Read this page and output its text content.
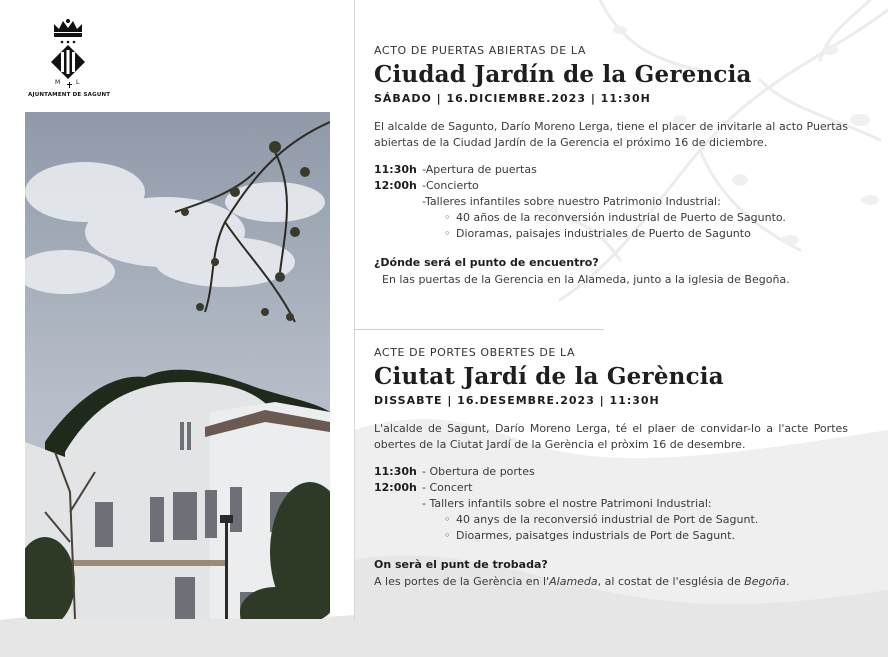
M	L
AJUNTAMENT DE SAGUNT

ACTO DE PUERTAS ABIERTAS DE LA

Ciudad Jardín de la Gerencia
SÁBADO | 16.DICIEMBRE.2023 | 11:30H

El alcalde de Sagunto, Darío Moreno Lerga, tiene el placer de invitarle al acto Puertas abiertas de la Ciudad Jardín de la Gerencia el próximo 16 de diciembre.

11:30h -Apertura de puertas
12:00h -Concierto
-Talleres infantiles sobre nuestro Patrimonio Industrial:
◦ 40 años de la reconversión industrial de Puerto de Sagunto.
◦ Dioramas, paisajes industriales de Puerto de Sagunto
¿Dónde será el punto de encuentro?

En las puertas de la Gerencia en la Alameda, junto a la iglesia de Begoña.

ACTE DE PORTES OBERTES DE LA

Ciutat Jardí de la Gerència
DISSABTE | 16.DESEMBRE.2023 | 11:30H

L'alcalde de Sagunt, Darío Moreno Lerga, té el plaer de convidar-lo a l'acte Portes obertes de la Ciutat Jardí de la Gerència el pròxim 16 de desembre.

11:30h - Obertura de portes
12:00h - Concert
- Tallers infantils sobre el nostre Patrimoni Industrial:
◦ 40 anys de la reconversió industrial de Port de Sagunt.
◦ Dioarmes, paisatges industrials de Port de Sagunt.
On serà el punt de trobada?

A les portes de la Gerència en l'Alameda, al costat de l'església de Begoña.
